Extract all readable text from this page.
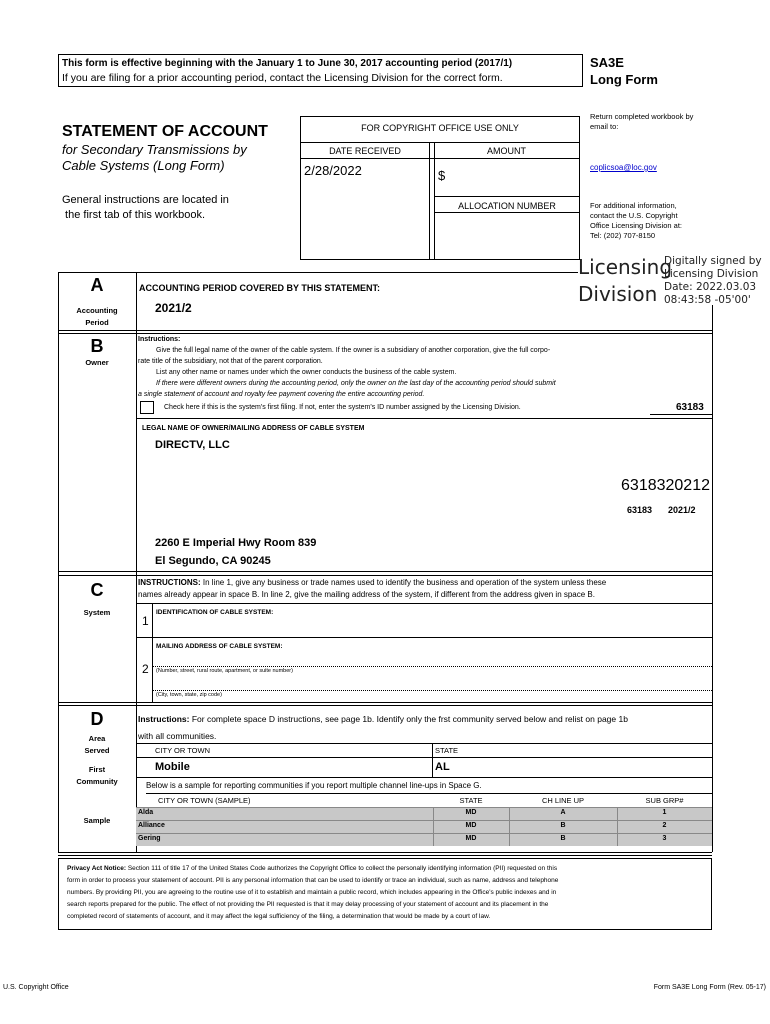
This form is effective beginning with the January 1 to June 30, 2017 accounting period (2017/1)
If you are filing for a prior accounting period, contact the Licensing Division for the correct form.
SA3E
Long Form
STATEMENT OF ACCOUNT
for Secondary Transmissions by
Cable Systems (Long Form)
General instructions are located in
the first tab of this workbook.
FOR COPYRIGHT OFFICE USE ONLY
DATE RECEIVED	AMOUNT
2/28/2022	$
ALLOCATION NUMBER
Return completed workbook by
email to:
coplicsoa@loc.gov
For additional information,
contact the U.S. Copyright
Office Licensing Division at:
Tel: (202) 707-8150
Licensing
Division
Digitally signed by
Licensing Division
Date: 2022.03.03
08:43:58 -05'00'
A
Accounting
Period
ACCOUNTING PERIOD COVERED BY THIS STATEMENT:
2021/2
B
Owner
Instructions:
Give the full legal name of the owner of the cable system. If the owner is a subsidiary of another corporation, give the full corpo-
rate title of the subsidiary, not that of the parent corporation.
List any other name or names under which the owner conducts the business of the cable system.
If there were different owners during the accounting period, only the owner on the last day of the accounting period should submit
a single statement of account and royalty fee payment covering the entire accounting period.
Check here if this is the system's first filing. If not, enter the system's ID number assigned by the Licensing Division.	63183
LEGAL NAME OF OWNER/MAILING ADDRESS OF CABLE SYSTEM
DIRECTV, LLC
6318320212
63183 2021/2
2260 E Imperial Hwy Room 839
El Segundo, CA 90245
C
System
INSTRUCTIONS: In line 1, give any business or trade names used to identify the business and operation of the system unless these
names already appear in space B. In line 2, give the mailing address of the system, if different from the address given in space B.
1
IDENTIFICATION OF CABLE SYSTEM:
MAILING ADDRESS OF CABLE SYSTEM:
2 (Number, street, rural route, apartment, or suite number)
(City, town, state, zip code)
D
Area
Served
First
Community
Sample
Instructions: For complete space D instructions, see page 1b. Identify only the frst community served below and relist on page 1b
with all communities.
CITY OR TOWN	STATE
Mobile	AL
Below is a sample for reporting communities if you report multiple channel line-ups in Space G.
CITY OR TOWN (SAMPLE)	STATE	CH LINE UP	SUB GRP#
Alda	MD	A	1
Alliance	MD	B	2
Gering	MD	B	3
Privacy Act Notice: Section 111 of title 17 of the United States Code authorizes the Copyright Office to collect the personally identifying information (PII) requested on this
form in order to process your statement of account. PII is any personal information that can be used to identify or trace an individual, such as name, address and telephone
numbers. By providing PII, you are agreeing to the routine use of it to establish and maintain a public record, which includes appearing in the Office's public indexes and in
search reports prepared for the public. The effect of not providing the PII requested is that it may delay processing of your statement of account and its placement in the
completed record of statements of account, and it may affect the legal sufficiency of the filing, a determination that would be made by a court of law.
U.S. Copyright Office	Form SA3E Long Form (Rev. 05-17)
